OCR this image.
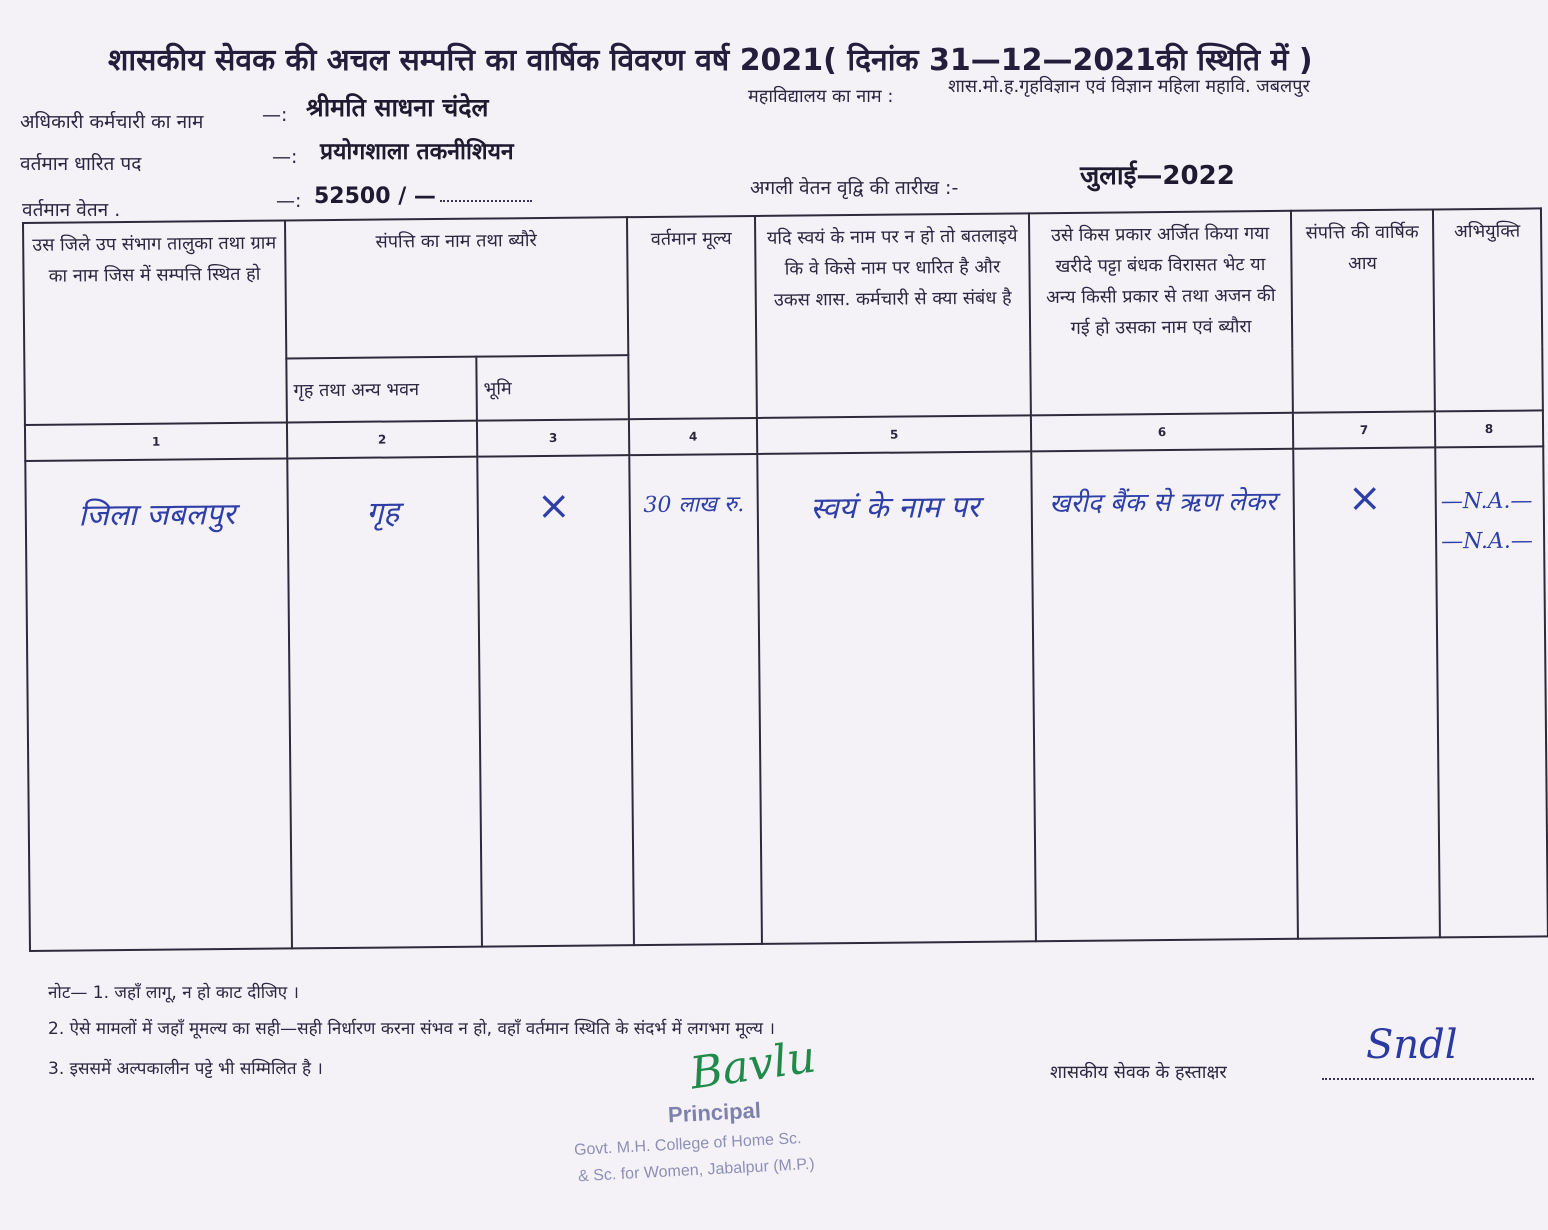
शासकीय सेवक की अचल सम्पत्ति का वार्षिक विवरण वर्ष 2021( दिनांक 31—12—2021की स्थिति में )
अधिकारी कर्मचारी का नाम	—: श्रीमति साधना चंदेल
वर्तमान धारित पद	—: प्रयोगशाला तकनीशियन
वर्तमान वेतन .	—: 52500 / —
महाविद्यालय का नाम :	शास.मो.ह.गृहविज्ञान एवं विज्ञान महिला महावि. जबलपुर
अगली वेतन वृद्वि की तारीख :-	जुलाई—2022
उस जिले उप संभाग तालुका तथा ग्राम का नाम जिस में सम्पत्ति स्थित हो	संपत्ति का नाम तथा ब्यौरे		वर्तमान मूल्य	यदि स्वयं के नाम पर न हो तो बतलाइये कि वे किसे नाम पर धारित है और उकस शास. कर्मचारी से क्या संबंध है	उसे किस प्रकार अर्जित किया गया खरीदे पट्टा बंधक विरासत भेट या अन्य किसी प्रकार से तथा अजन की गई हो उसका नाम एवं ब्यौरा	संपत्ति की वार्षिक आय	अभियुक्ति
	गृह तथा अन्य भवन	भूमि					
1	2	3	4	5	6	7	8

जिला जबलपुर	गृह	×	30 लाख रु.	स्वयं के नाम पर	खरीद बैंक से ऋण लेकर	×	—N.A.—
—N.A.—
नोट— 1. जहाँ लागू, न हो काट दीजिए ।
2. ऐसे मामलों में जहाँ मूमल्य का सही—सही निर्धारण करना संभव न हो, वहाँ वर्तमान स्थिति के संदर्भ में लगभग मूल्य ।
3. इससमें अल्पकालीन पट्टे भी सम्मिलित है ।	शासकीय सेवक के हस्ताक्षर
Sndl
Bavlu
Principal
Govt. M.H. College of Home Sc.
& Sc. for Women, Jabalpur (M.P.)
